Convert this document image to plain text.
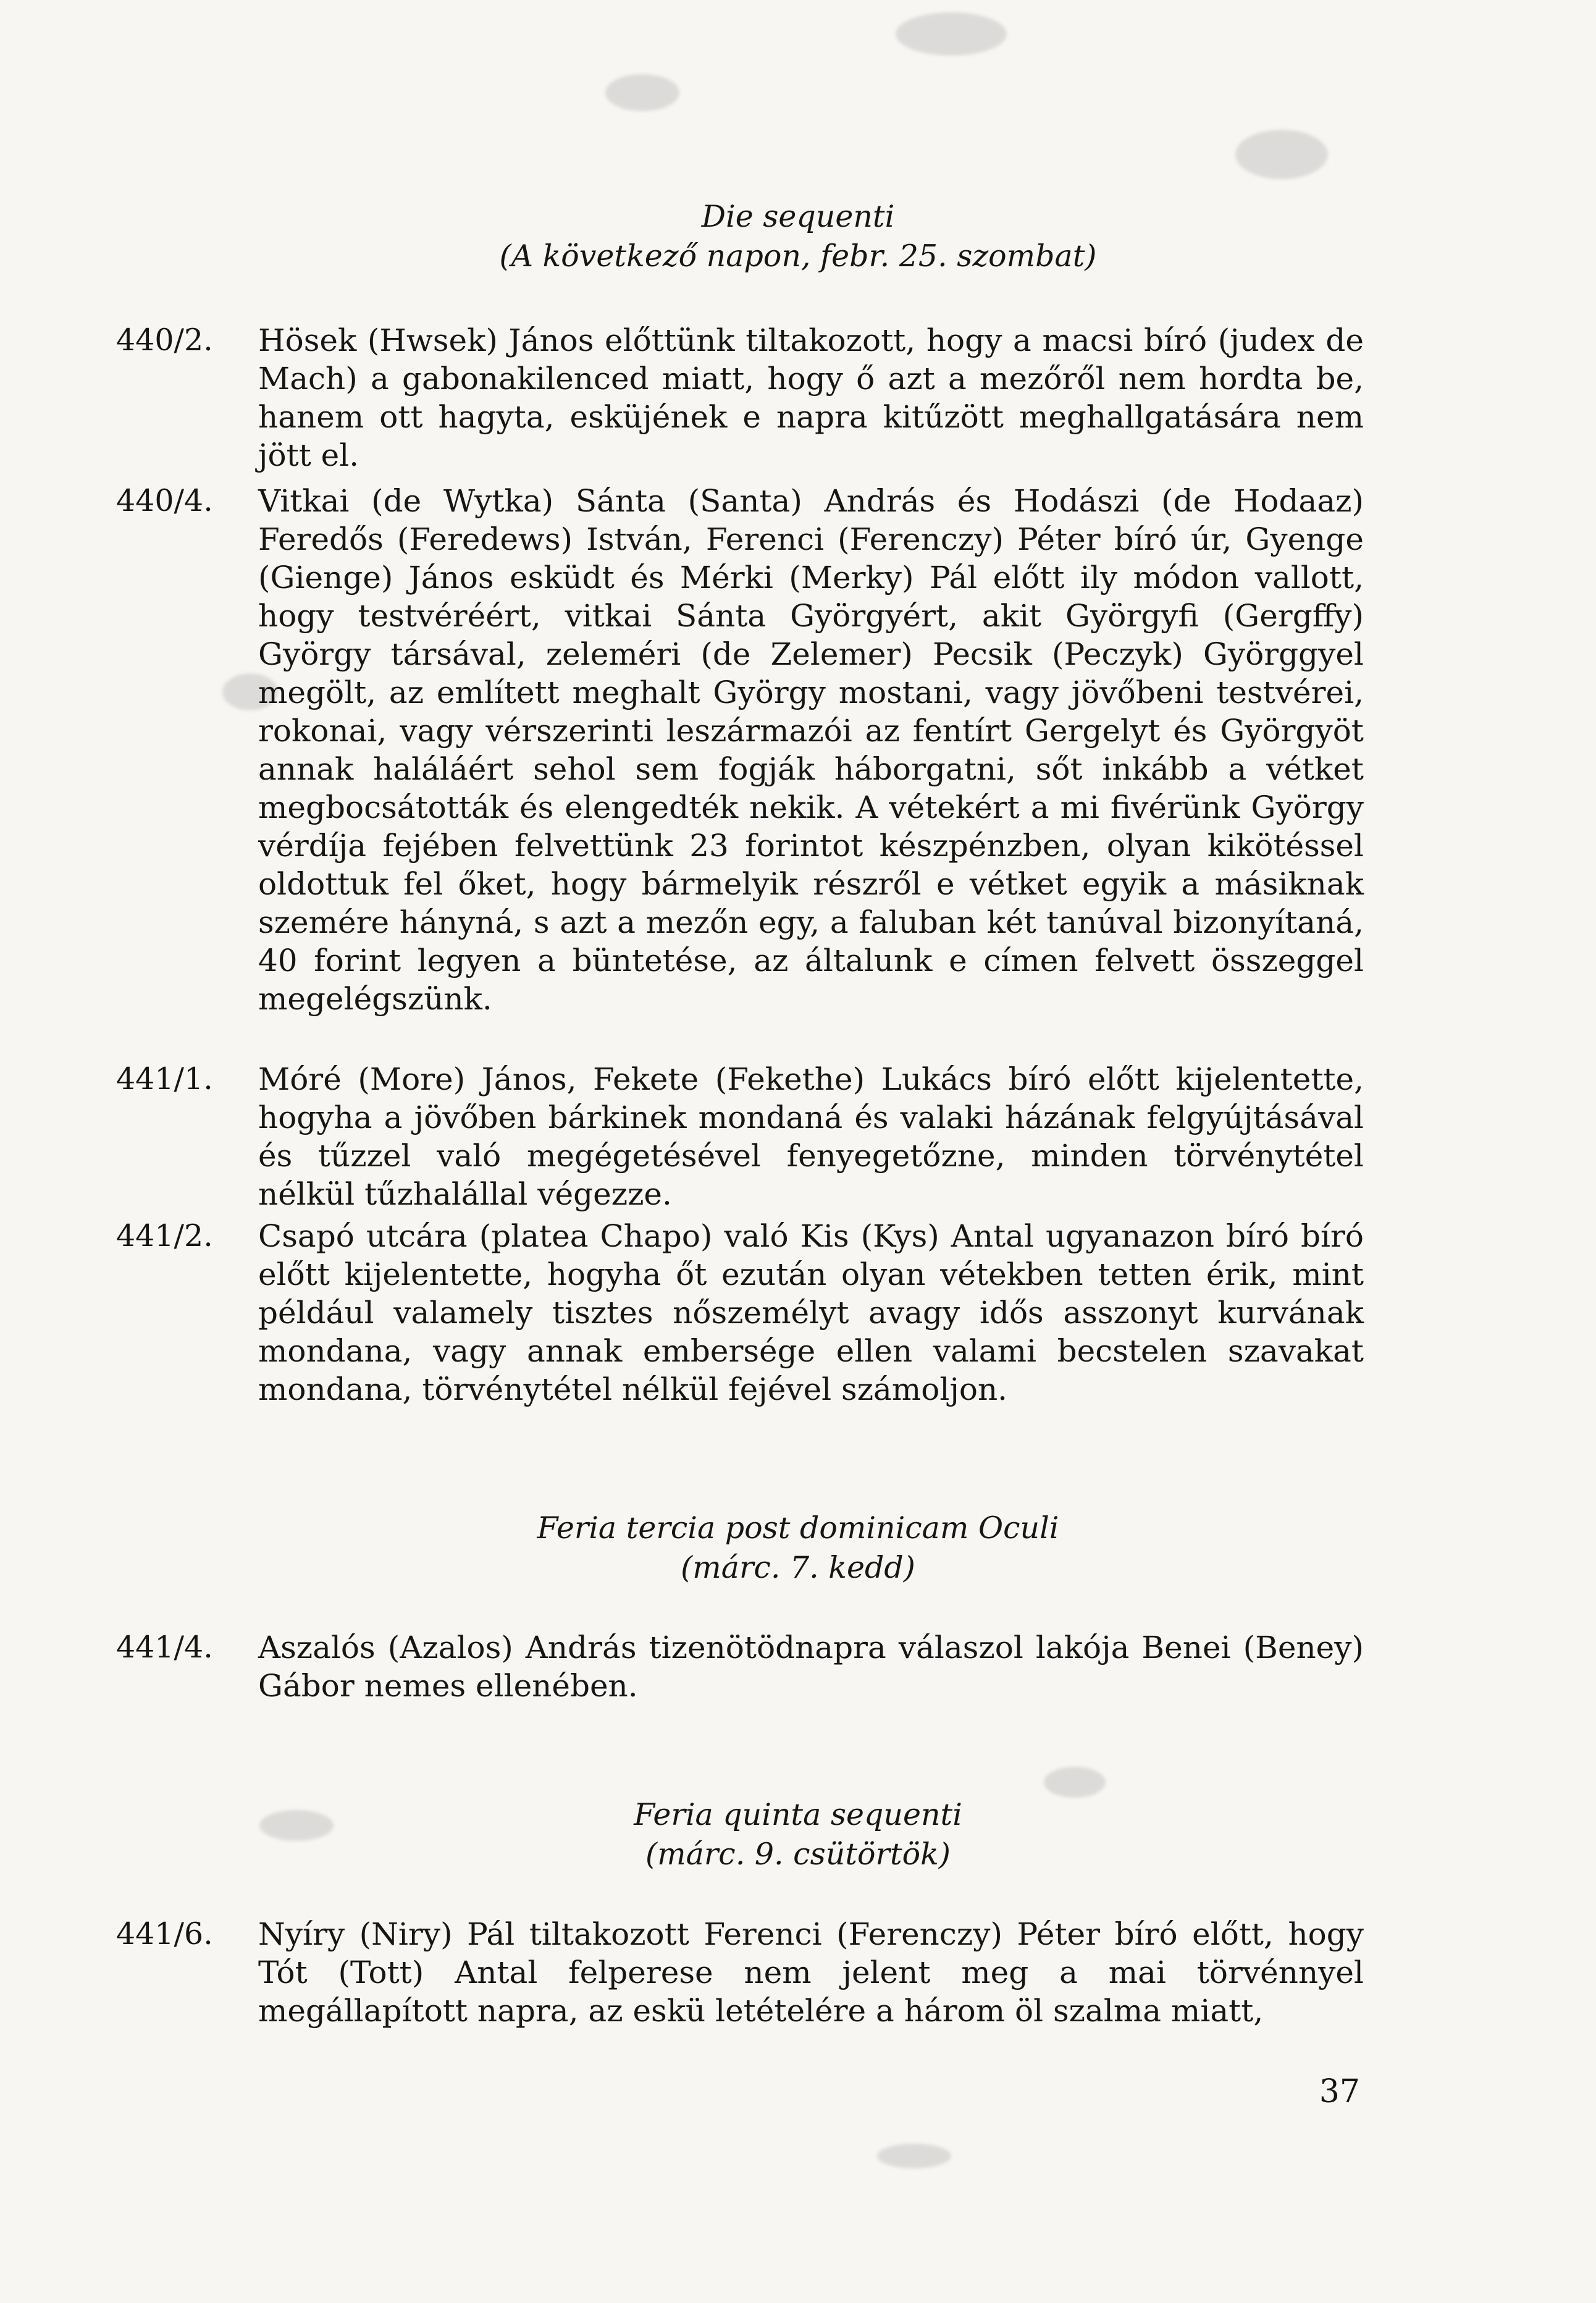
Die sequenti
(A következő napon, febr. 25. szombat)
440/2.	Hösek (Hwsek) János előttünk tiltakozott, hogy a macsi bíró (judex de Mach) a gabonakilenced miatt, hogy ő azt a mezőről nem hordta be, hanem ott hagyta, esküjének e napra kitűzött meghallgatására nem jött el.
440/4.	Vitkai (de Wytka) Sánta (Santa) András és Hodászi (de Hodaaz) Feredős (Feredews) István, Ferenci (Ferenczy) Péter bíró úr, Gyenge (Gienge) János esküdt és Mérki (Merky) Pál előtt ily módon vallott, hogy testvéréért, vitkai Sánta Györgyért, akit Györgyfi (Gergffy) György társával, zeleméri (de Zelemer) Pecsik (Peczyk) Györggyel megölt, az említett meghalt György mostani, vagy jövőbeni testvérei, rokonai, vagy vérszerinti leszármazói az fentírt Gergelyt és Györgyöt annak haláláért sehol sem fogják háborgatni, sőt inkább a vétket megbocsátották és elengedték nekik. A vétekért a mi fivérünk György vérdíja fejében felvettünk 23 forintot készpénzben, olyan kikötéssel oldottuk fel őket, hogy bármelyik részről e vétket egyik a másiknak szemére hányná, s azt a mezőn egy, a faluban két tanúval bizonyítaná, 40 forint legyen a büntetése, az általunk e címen felvett összeggel megelégszünk.
441/1.	Móré (More) János, Fekete (Fekethe) Lukács bíró előtt kijelentette, hogyha a jövőben bárkinek mondaná és valaki házának felgyújtásával és tűzzel való megégetésével fenyegetőzne, minden törvénytétel nélkül tűzhalállal végezze.
441/2.	Csapó utcára (platea Chapo) való Kis (Kys) Antal ugyanazon bíró bíró előtt kijelentette, hogyha őt ezután olyan vétekben tetten érik, mint például valamely tisztes nőszemélyt avagy idős asszonyt kurvának mondana, vagy annak embersége ellen valami becstelen szavakat mondana, törvénytétel nélkül fejével számoljon.
Feria tercia post dominicam Oculi
(márc. 7. kedd)
441/4.	Aszalós (Azalos) András tizenötödnapra válaszol lakója Benei (Beney) Gábor nemes ellenében.
Feria quinta sequenti
(márc. 9. csütörtök)
441/6.	Nyíry (Niry) Pál tiltakozott Ferenci (Ferenczy) Péter bíró előtt, hogy Tót (Tott) Antal felperese nem jelent meg a mai törvénnyel megállapított napra, az eskü letételére a három öl szalma miatt,
37
